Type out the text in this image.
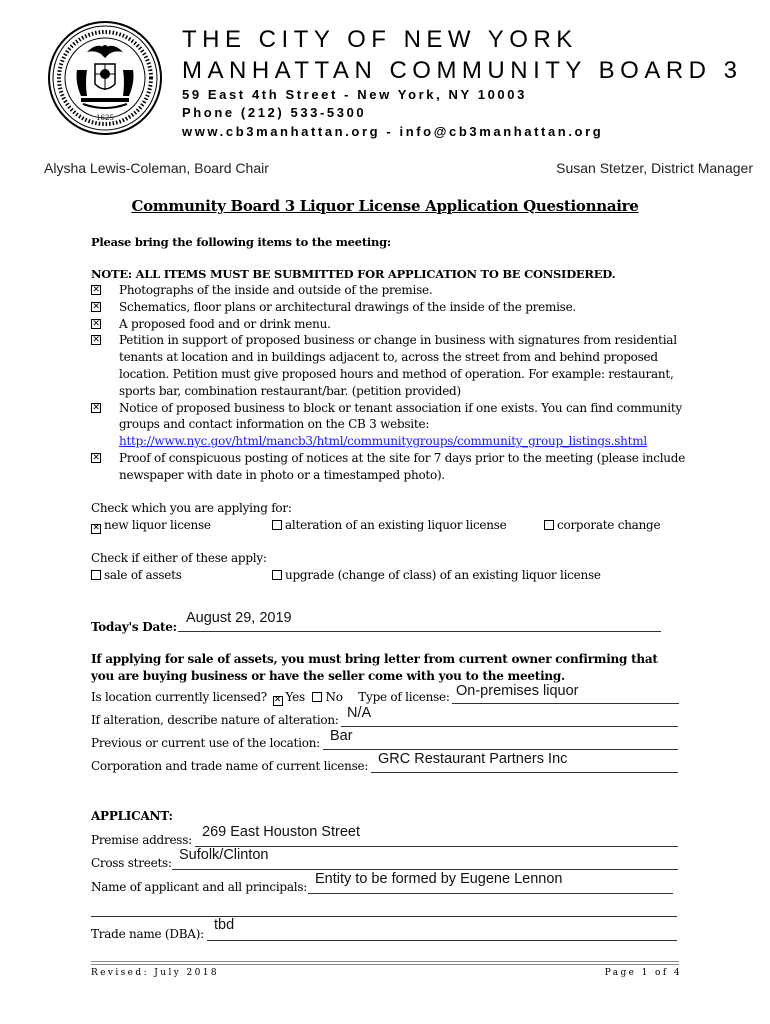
1625
THE CITY OF NEW YORK
MANHATTAN COMMUNITY BOARD 3
59 East 4th Street - New York, NY 10003
Phone (212) 533-5300
www.cb3manhattan.org - info@cb3manhattan.org
Alysha Lewis-Coleman, Board Chair	Susan Stetzer, District Manager
Community Board 3 Liquor License Application Questionnaire
Please bring the following items to the meeting:
NOTE: ALL ITEMS MUST BE SUBMITTED FOR APPLICATION TO BE CONSIDERED.
✕ Photographs of the inside and outside of the premise.
✕ Schematics, floor plans or architectural drawings of the inside of the premise.
✕ A proposed food and or drink menu.
✕ Petition in support of proposed business or change in business with signatures from residential tenants at location and in buildings adjacent to, across the street from and behind proposed location. Petition must give proposed hours and method of operation. For example: restaurant, sports bar, combination restaurant/bar. (petition provided)
✕ Notice of proposed business to block or tenant association if one exists. You can find community groups and contact information on the CB 3 website:
http://www.nyc.gov/html/mancb3/html/communitygroups/community_group_listings.shtml
✕ Proof of conspicuous posting of notices at the site for 7 days prior to the meeting (please include newspaper with date in photo or a timestamped photo).
Check which you are applying for:
✕ new liquor license	alteration of an existing liquor license	corporate change
Check if either of these apply:
sale of assets	upgrade (change of class) of an existing liquor license
Today's Date:
August 29, 2019
If applying for sale of assets, you must bring letter from current owner confirming that you are buying business or have the seller come with you to the meeting.
Is location currently licensed? ✕ Yes No Type of license: On-premises liquor
If alteration, describe nature of alteration: N/A
Previous or current use of the location: Bar
Corporation and trade name of current license: GRC Restaurant Partners Inc
APPLICANT:
Premise address: 269 East Houston Street
Cross streets: Sufolk/Clinton
Name of applicant and all principals: Entity to be formed by Eugene Lennon
Trade name (DBA):
tbd
Revised: July 2018	Page 1 of 4
